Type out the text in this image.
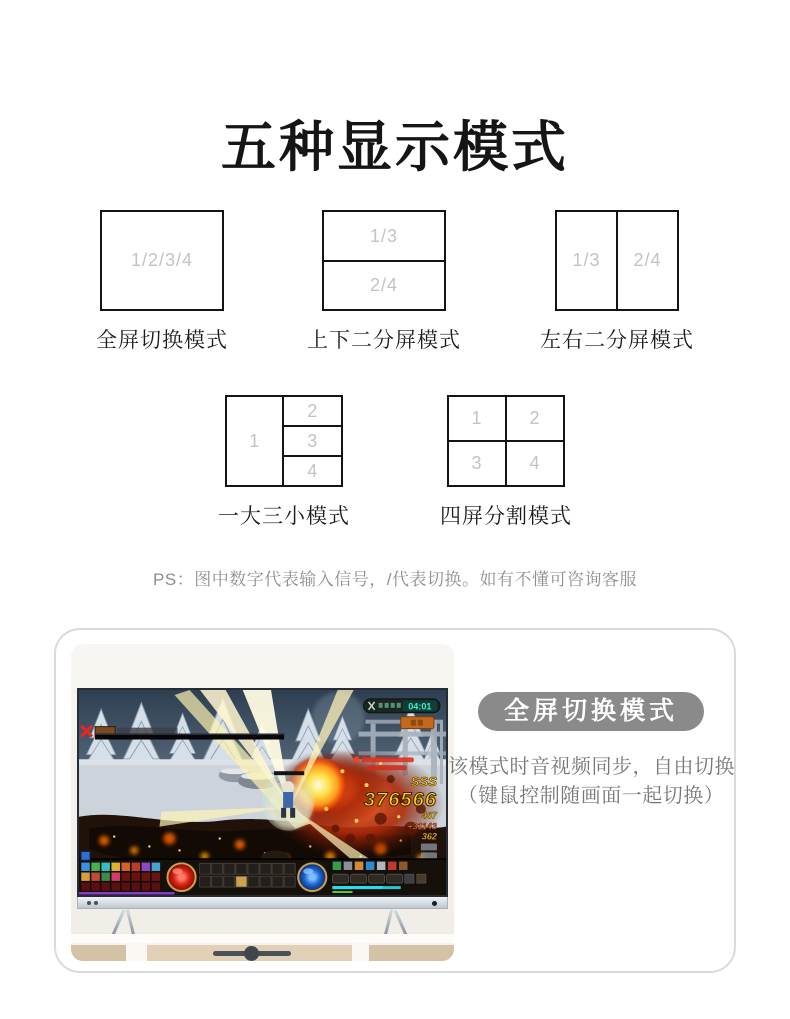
五种显示模式
1/2/3/4
全屏切换模式
1/3
2/4
上下二分屏模式
1/3	2/4
左右二分屏模式
1
2
3
4
一大三小模式
1	2
3	4
四屏分割模式
PS：图中数字代表输入信号，/代表切换。如有不懂可咨询客服
04:01
SSS
376566
467
+31143
362
全屏切换模式
该模式时音视频同步，自由切换
（键鼠控制随画面一起切换）
